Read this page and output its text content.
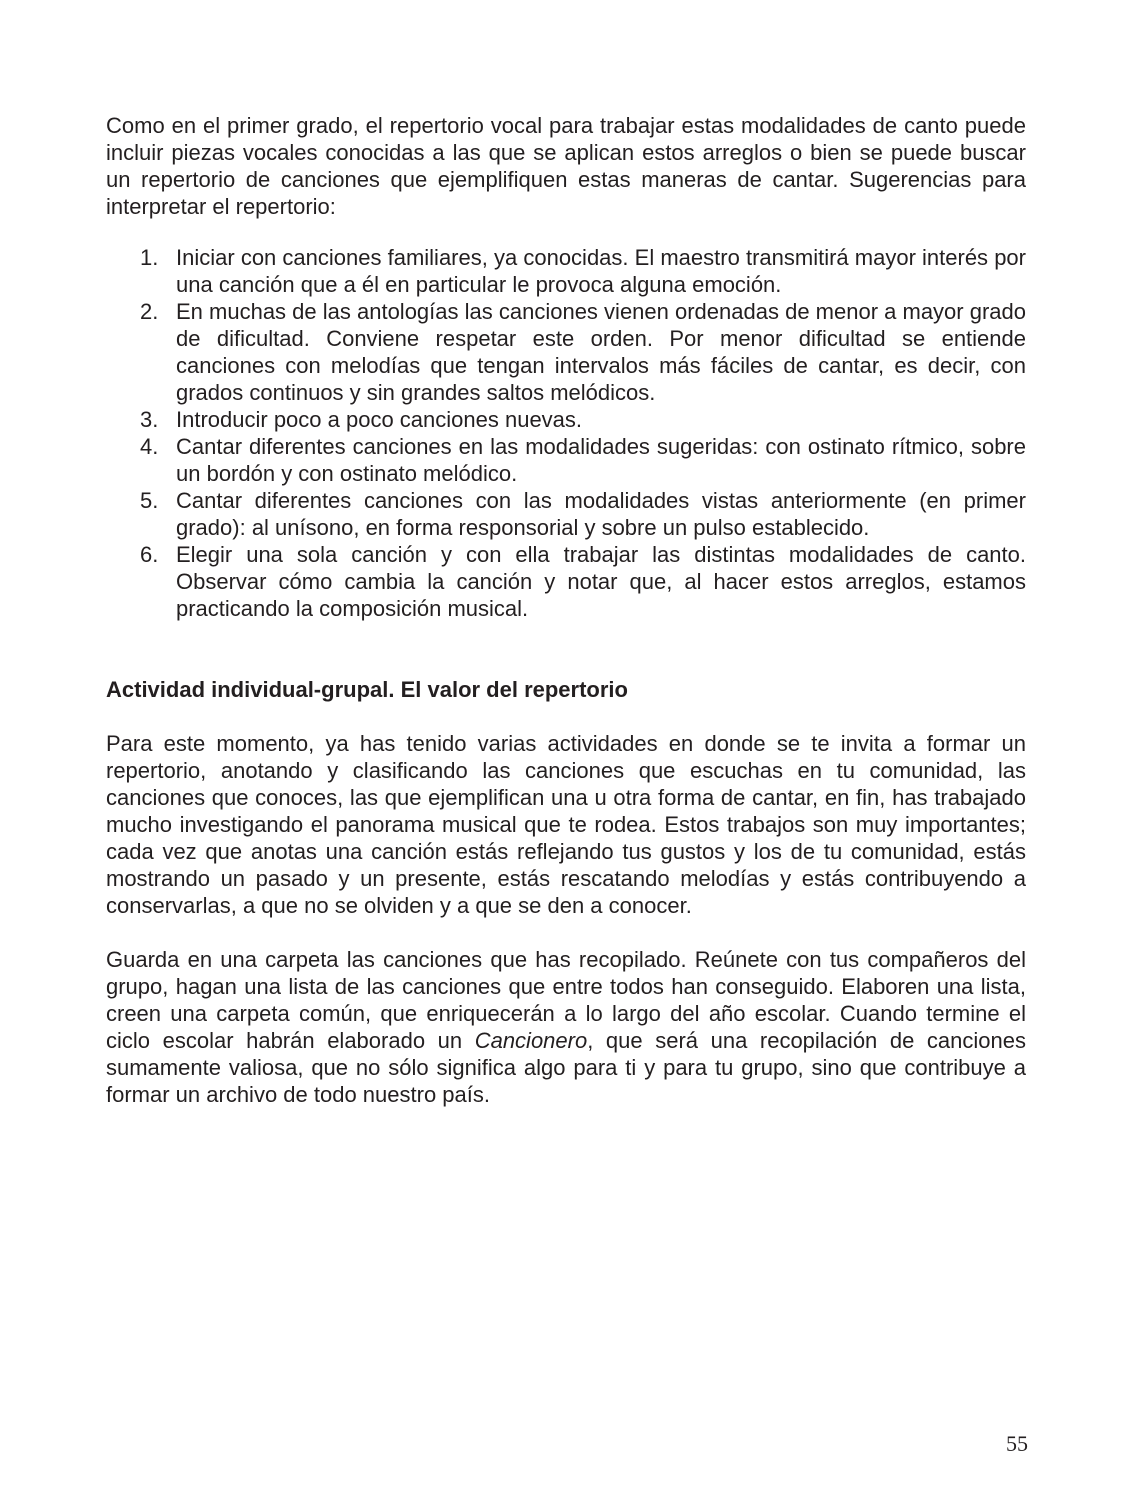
Como en el primer grado, el repertorio vocal para trabajar estas modalidades de canto puede incluir piezas vocales conocidas a las que se aplican estos arreglos o bien se puede buscar un repertorio de canciones que ejemplifiquen estas maneras de cantar. Sugerencias para interpretar el repertorio:

1. Iniciar con canciones familiares, ya conocidas. El maestro transmitirá mayor interés por una canción que a él en particular le provoca alguna emoción.
2. En muchas de las antologías las canciones vienen ordenadas de menor a mayor grado de dificultad. Conviene respetar este orden. Por menor dificultad se entiende canciones con melodías que tengan intervalos más fáciles de cantar, es decir, con grados continuos y sin grandes saltos melódicos.
3. Introducir poco a poco canciones nuevas.
4. Cantar diferentes canciones en las modalidades sugeridas: con ostinato rítmico, sobre un bordón y con ostinato melódico.
5. Cantar diferentes canciones con las modalidades vistas anteriormente (en primer grado): al unísono, en forma responsorial y sobre un pulso establecido.
6. Elegir una sola canción y con ella trabajar las distintas modalidades de canto. Observar cómo cambia la canción y notar que, al hacer estos arreglos, estamos practicando la composición musical.

Actividad individual-grupal. El valor del repertorio

Para este momento, ya has tenido varias actividades en donde se te invita a formar un repertorio, anotando y clasificando las canciones que escuchas en tu comunidad, las canciones que conoces, las que ejemplifican una u otra forma de cantar, en fin, has trabajado mucho investigando el panorama musical que te rodea. Estos trabajos son muy importantes; cada vez que anotas una canción estás reflejando tus gustos y los de tu comunidad, estás mostrando un pasado y un presente, estás rescatando melodías y estás contribuyendo a conservarlas, a que no se olviden y a que se den a conocer.

Guarda en una carpeta las canciones que has recopilado. Reúnete con tus compañeros del grupo, hagan una lista de las canciones que entre todos han conseguido. Elaboren una lista, creen una carpeta común, que enriquecerán a lo largo del año escolar. Cuando termine el ciclo escolar habrán elaborado un Cancionero, que será una recopilación de canciones sumamente valiosa, que no sólo significa algo para ti y para tu grupo, sino que contribuye a formar un archivo de todo nuestro país.

55
